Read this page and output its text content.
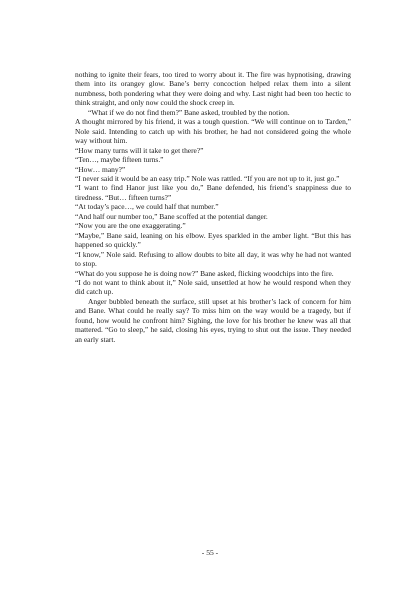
nothing to ignite their fears, too tired to worry about it. The fire was hypnotising, drawing them into its orangey glow. Bane’s berry concoction helped relax them into a silent numbness, both pondering what they were doing and why. Last night had been too hectic to think straight, and only now could the shock creep in.

“What if we do not find them?” Bane asked, troubled by the notion.

A thought mirrored by his friend, it was a tough question. “We will continue on to Tarden,” Nole said. Intending to catch up with his brother, he had not considered going the whole way without him.

“How many turns will it take to get there?”

“Ten…, maybe fifteen turns.”

“How… many?”

“I never said it would be an easy trip.” Nole was rattled. “If you are not up to it, just go.”

“I want to find Hanor just like you do,” Bane defended, his friend’s snappiness due to tiredness. “But… fifteen turns?”

“At today’s pace…, we could half that number.”

“And half our number too,” Bane scoffed at the potential danger.

“Now you are the one exaggerating.”

“Maybe,” Bane said, leaning on his elbow. Eyes sparkled in the amber light. “But this has happened so quickly.”

“I know,” Nole said. Refusing to allow doubts to bite all day, it was why he had not wanted to stop.

“What do you suppose he is doing now?” Bane asked, flicking woodchips into the fire.

“I do not want to think about it,” Nole said, unsettled at how he would respond when they did catch up.

Anger bubbled beneath the surface, still upset at his brother’s lack of concern for him and Bane. What could he really say? To miss him on the way would be a tragedy, but if found, how would he confront him? Sighing, the love for his brother he knew was all that mattered. “Go to sleep,” he said, closing his eyes, trying to shut out the issue. They needed an early start.

- 55 -
